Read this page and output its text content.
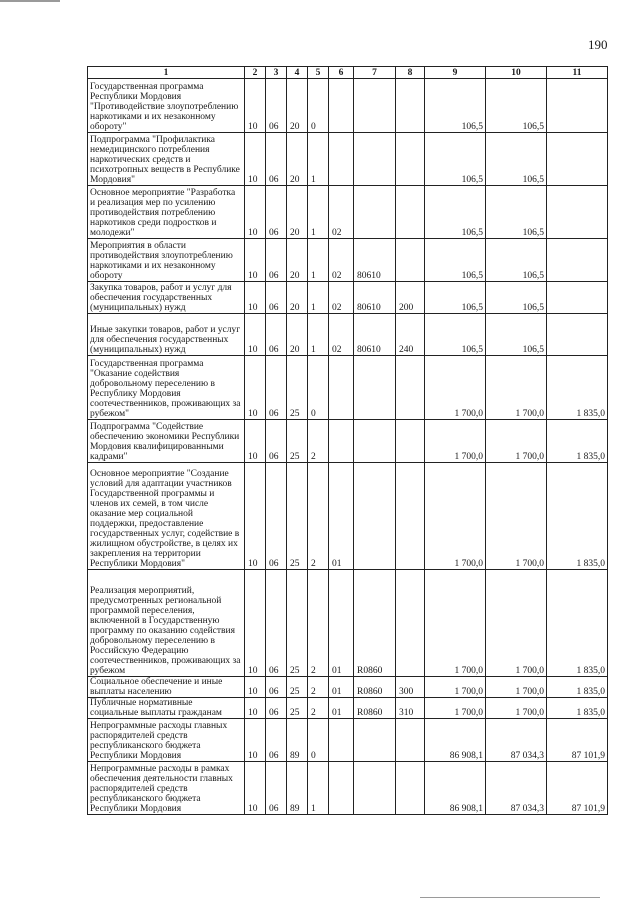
190
1	2	3	4	5	6	7	8	9	10	11
Государственная программа Республики Мордовия "Противодействие злоупотреблению наркотиками и их незаконному обороту"	10	06	20	0				106,5	106,5	
Подпрограмма "Профилактика немедицинского потребления наркотических средств и психотропных веществ в Республике Мордовия"	10	06	20	1				106,5	106,5	
Основное мероприятие "Разработка и реализация мер по усилению противодействия потреблению наркотиков среди подростков и молодежи"	10	06	20	1	02			106,5	106,5	
Мероприятия в области противодействия злоупотреблению наркотиками и их незаконному обороту	10	06	20	1	02	80610		106,5	106,5	
Закупка товаров, работ и услуг для обеспечения государственных (муниципальных) нужд	10	06	20	1	02	80610	200	106,5	106,5	
Иные закупки товаров, работ и услуг для обеспечения государственных (муниципальных) нужд	10	06	20	1	02	80610	240	106,5	106,5	
Государственная программа "Оказание содействия добровольному переселению в Республику Мордовия соотечественников, проживающих за рубежом"	10	06	25	0				1 700,0	1 700,0	1 835,0
Подпрограмма "Содействие обеспечению экономики Республики Мордовия квалифицированными кадрами"	10	06	25	2				1 700,0	1 700,0	1 835,0
Основное мероприятие "Создание условий для адаптации участников Государственной программы и членов их семей, в том числе оказание мер социальной поддержки, предоставление государственных услуг, содействие в жилищном обустройстве, в целях их закрепления на территории Республики Мордовия"	10	06	25	2	01			1 700,0	1 700,0	1 835,0
Реализация мероприятий, предусмотренных региональной программой переселения, включенной в Государственную программу по оказанию содействия добровольному переселению в Российскую Федерацию соотечественников, проживающих за рубежом	10	06	25	2	01	R0860		1 700,0	1 700,0	1 835,0
Социальное обеспечение и иные выплаты населению	10	06	25	2	01	R0860	300	1 700,0	1 700,0	1 835,0
Публичные нормативные социальные выплаты гражданам	10	06	25	2	01	R0860	310	1 700,0	1 700,0	1 835,0
Непрограммные расходы главных распорядителей средств республиканского бюджета Республики Мордовия	10	06	89	0				86 908,1	87 034,3	87 101,9
Непрограммные расходы в рамках обеспечения деятельности главных распорядителей средств республиканского бюджета Республики Мордовия	10	06	89	1				86 908,1	87 034,3	87 101,9
